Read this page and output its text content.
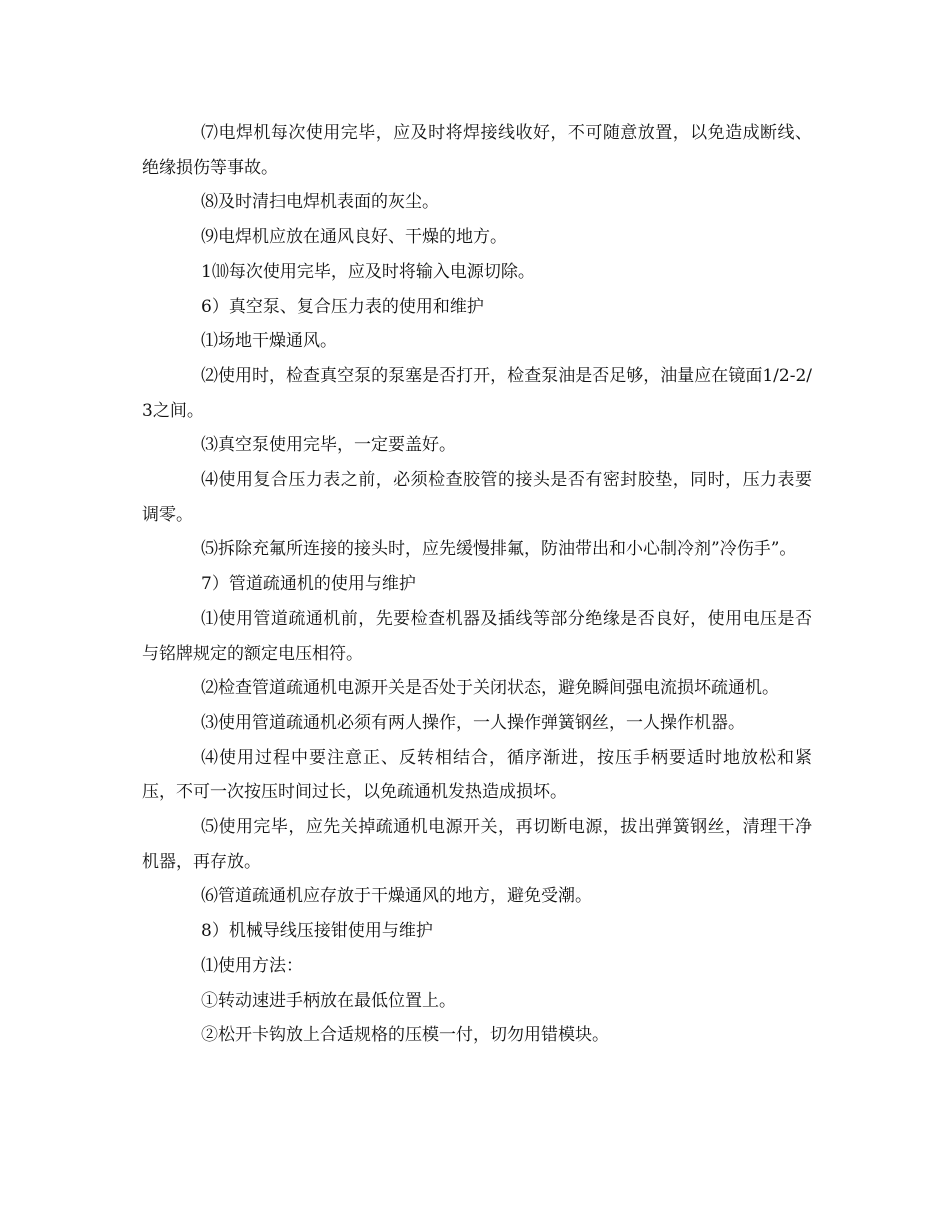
⑺电焊机每次使用完毕，应及时将焊接线收好，不可随意放置，以免造成断线、绝缘损伤等事故。

⑻及时清扫电焊机表面的灰尘。

⑼电焊机应放在通风良好、干燥的地方。

1⑽每次使用完毕，应及时将输入电源切除。

6）真空泵、复合压力表的使用和维护

⑴场地干燥通风。

⑵使用时，检查真空泵的泵塞是否打开，检查泵油是否足够，油量应在镜面1/2-2/3之间。

⑶真空泵使用完毕，一定要盖好。

⑷使用复合压力表之前，必须检查胶管的接头是否有密封胶垫，同时，压力表要调零。

⑸拆除充氟所连接的接头时，应先缓慢排氟，防油带出和小心制冷剂”冷伤手”。

7）管道疏通机的使用与维护

⑴使用管道疏通机前，先要检查机器及插线等部分绝缘是否良好，使用电压是否与铭牌规定的额定电压相符。

⑵检查管道疏通机电源开关是否处于关闭状态，避免瞬间强电流损坏疏通机。

⑶使用管道疏通机必须有两人操作，一人操作弹簧钢丝，一人操作机器。

⑷使用过程中要注意正、反转相结合，循序渐进，按压手柄要适时地放松和紧压，不可一次按压时间过长，以免疏通机发热造成损坏。

⑸使用完毕，应先关掉疏通机电源开关，再切断电源，拔出弹簧钢丝，清理干净机器，再存放。

⑹管道疏通机应存放于干燥通风的地方，避免受潮。

8）机械导线压接钳使用与维护

⑴使用方法：

①转动速进手柄放在最低位置上。

②松开卡钩放上合适规格的压模一付，切勿用错模块。
